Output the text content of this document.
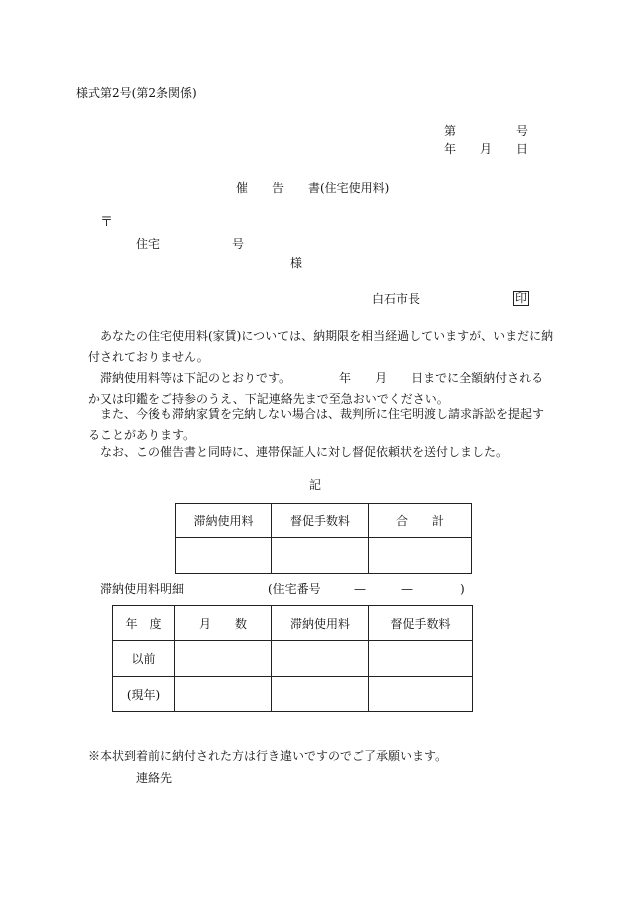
様式第2号(第2条関係)
第	号
年 月 日
催 告 書(住宅使用料)
〒
住宅	号
様
白石市長	印

あなたの住宅使用料(家賃)については、納期限を相当経過していますが、いまだに納付されておりません。

滞納使用料等は下記のとおりです。	年 月 日までに全額納付されるか又は印鑑をご持参のうえ、下記連絡先まで至急おいでください。

また、今後も滞納家賃を完納しない場合は、裁判所に住宅明渡し請求訴訟を提起することがあります。

なお、この催告書と同時に、連帯保証人に対し督促依頼状を送付しました。

記
滞納使用料	督促手数料	合　　計

滞納使用料明細	(住宅番号	—	—	)
年　度	月　　数	滞納使用料	督促手数料
以前			
(現年)			
※本状到着前に納付された方は行き違いですのでご了承願います。
連絡先
